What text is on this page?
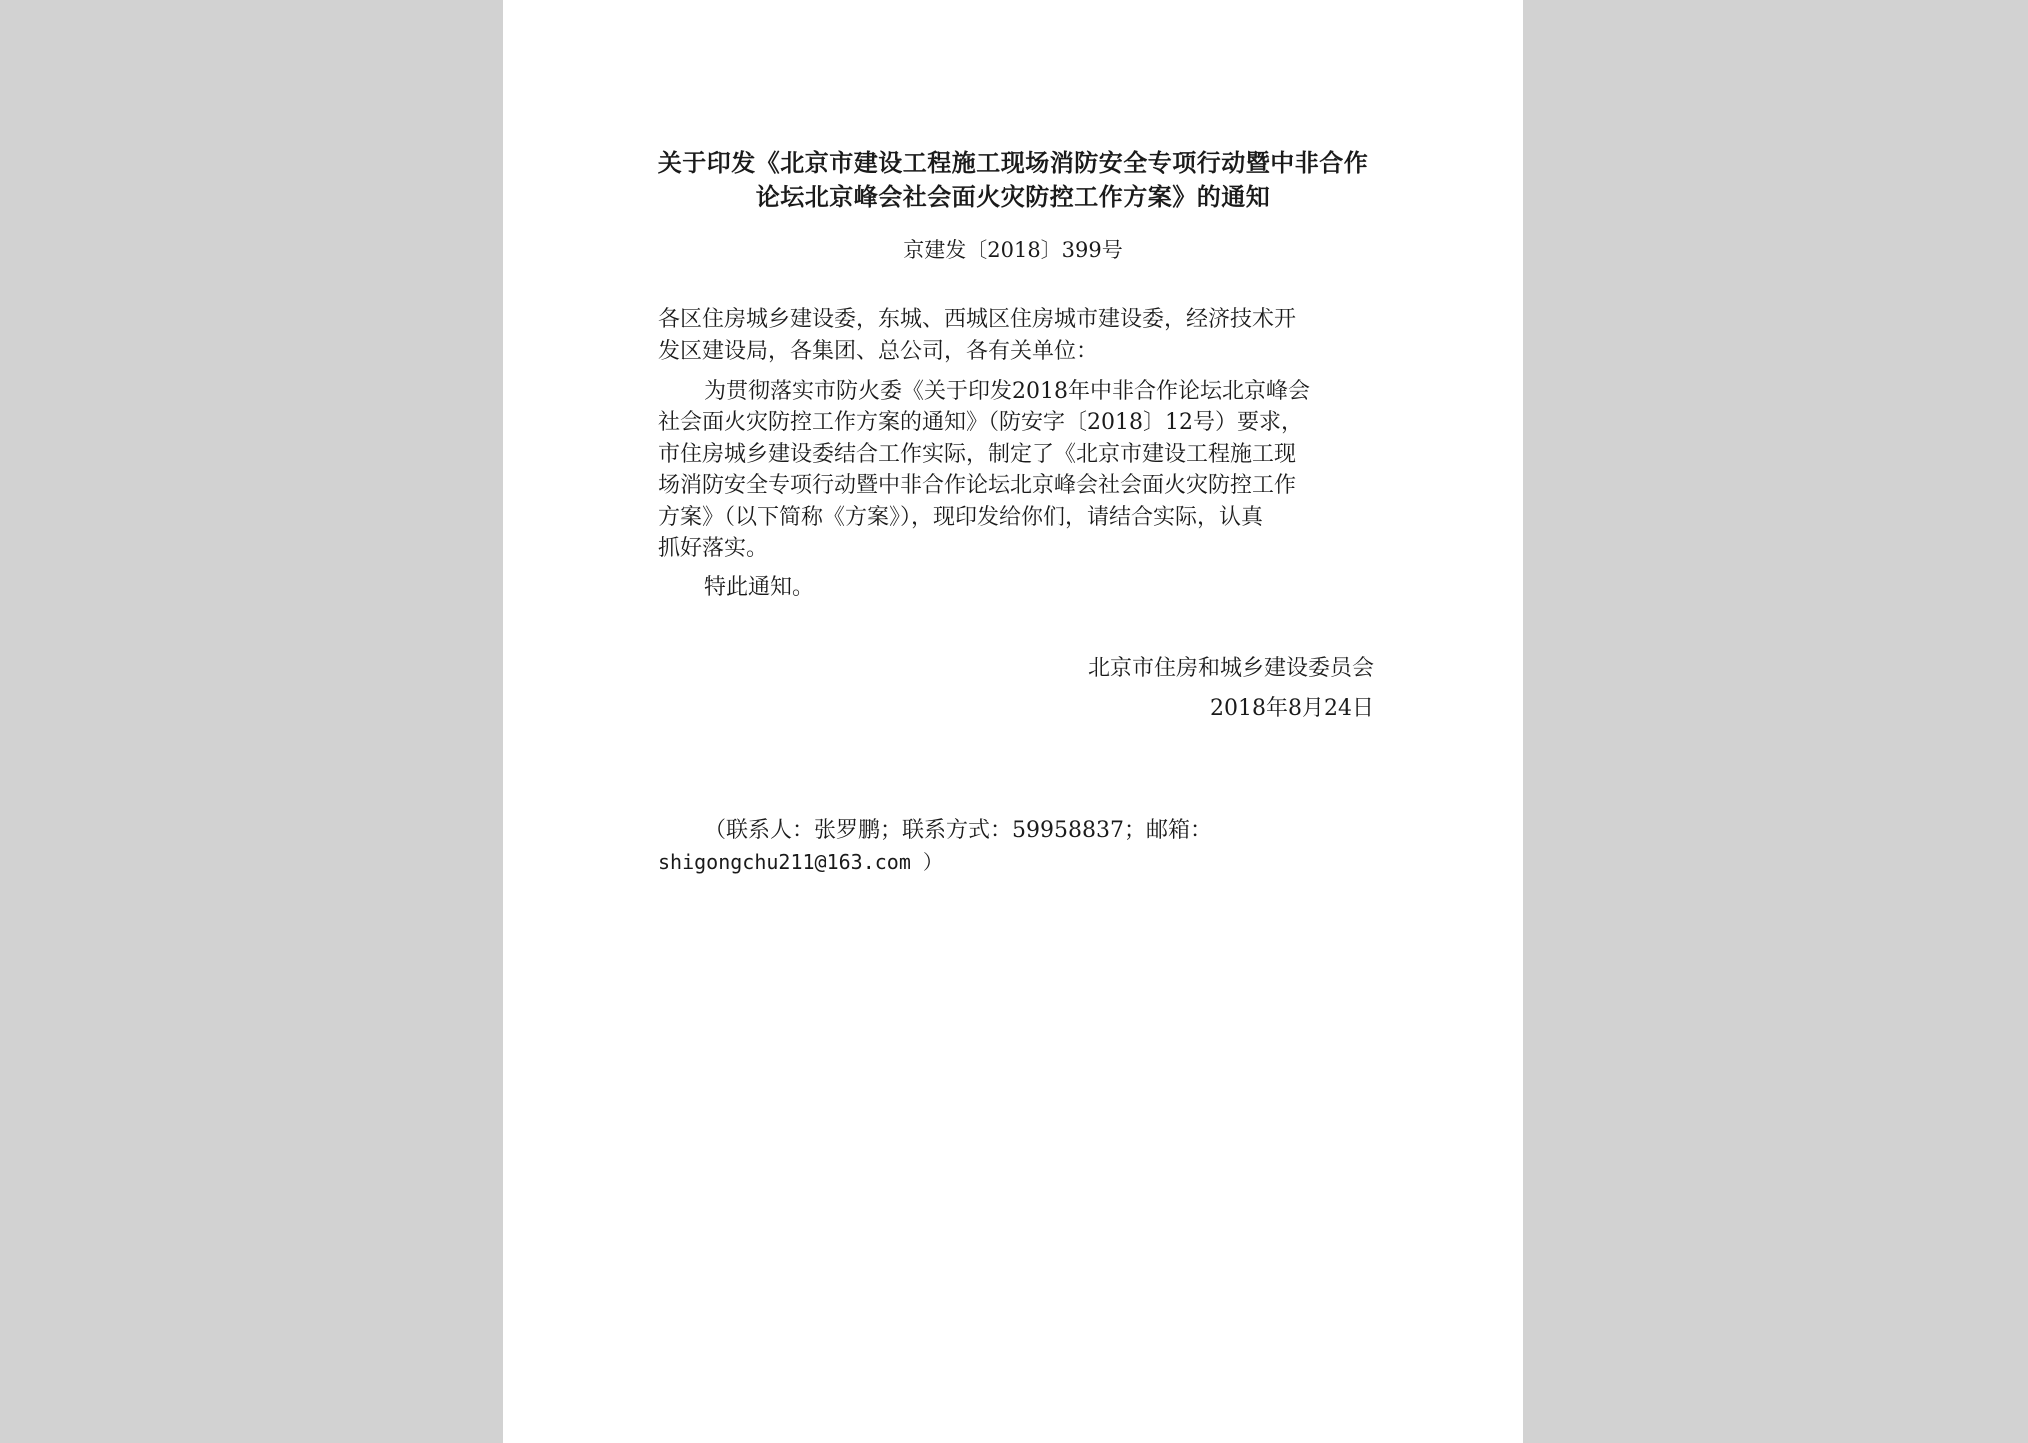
关于印发《北京市建设工程施工现场消防安全专项行动暨中非合作
论坛北京峰会社会面火灾防控工作方案》的通知
京建发〔2018〕399号
各区住房城乡建设委，东城、西城区住房城市建设委，经济技术开
发区建设局，各集团、总公司，各有关单位：
为贯彻落实市防火委《关于印发2018年中非合作论坛北京峰会
社会面火灾防控工作方案的通知》（防安字〔2018〕12号）要求，
市住房城乡建设委结合工作实际，制定了《北京市建设工程施工现
场消防安全专项行动暨中非合作论坛北京峰会社会面火灾防控工作
方案》（以下简称《方案》），现印发给你们，请结合实际，认真
抓好落实。
特此通知。
北京市住房和城乡建设委员会
2018年8月24日
（联系人：张罗鹏；联系方式：59958837；邮箱：
shigongchu211@163.com ）
